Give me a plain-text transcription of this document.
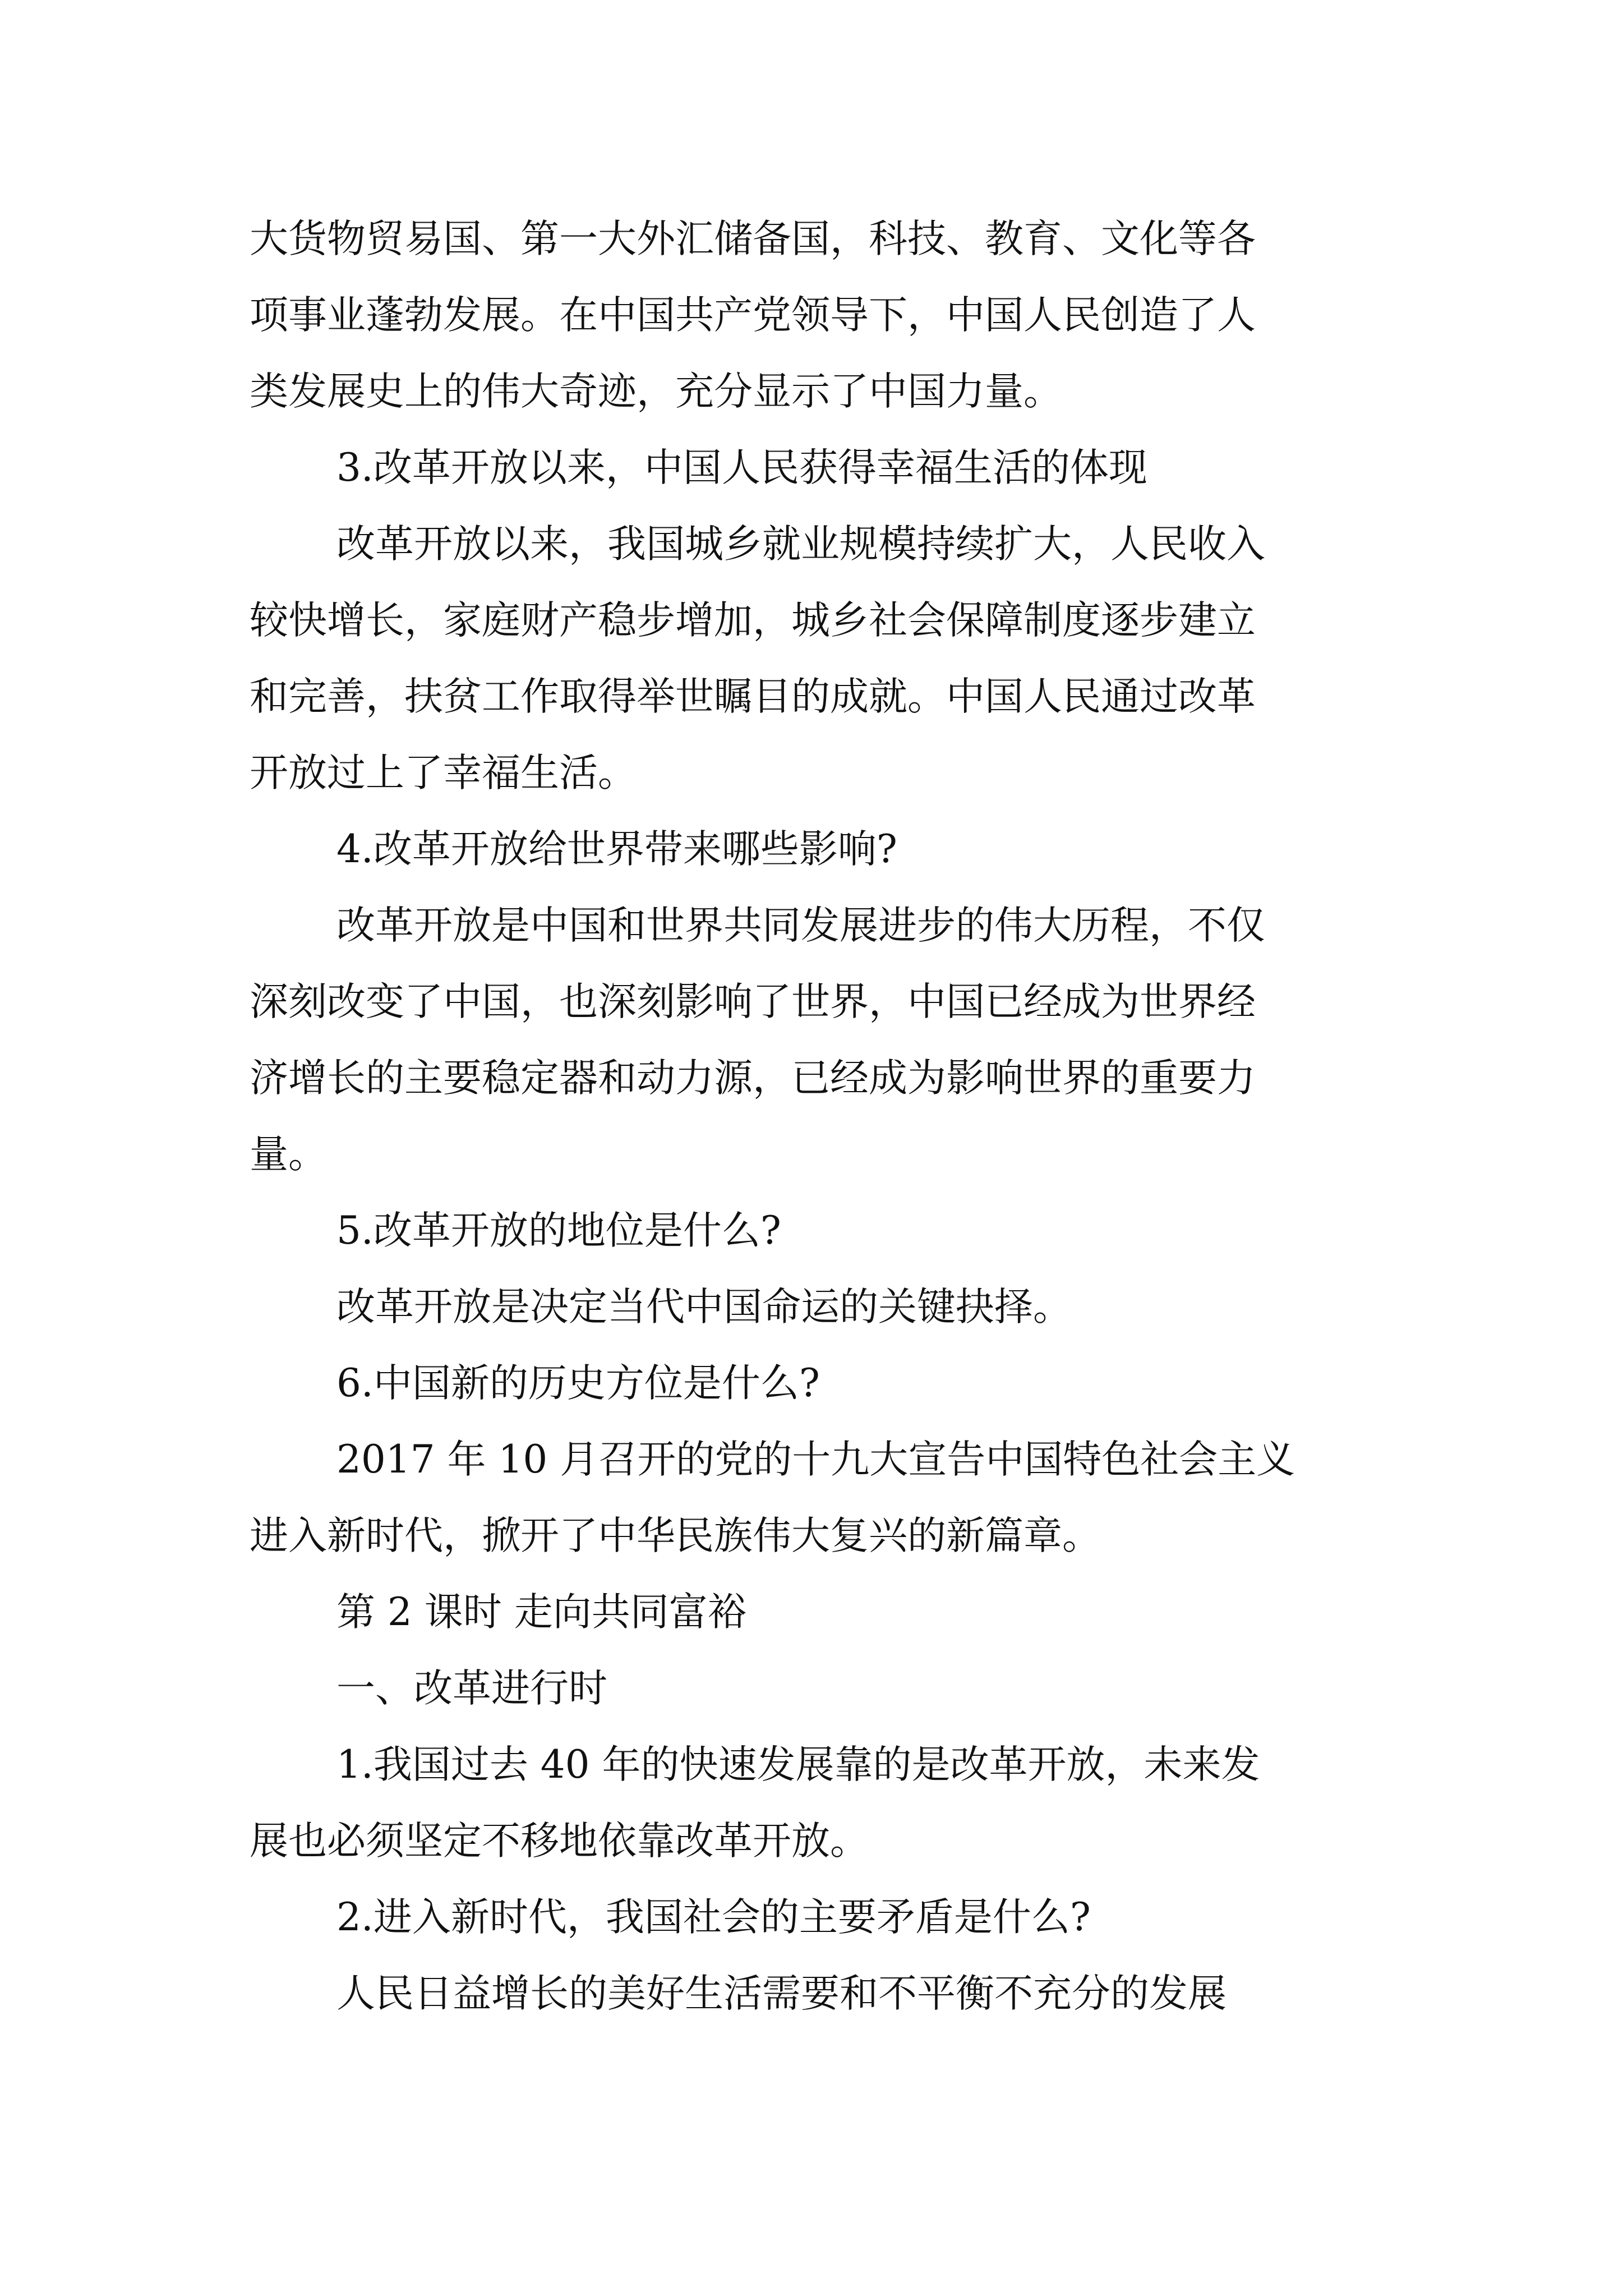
大货物贸易国、第一大外汇储备国，科技、教育、文化等各
项事业蓬勃发展。在中国共产党领导下，中国人民创造了人
类发展史上的伟大奇迹，充分显示了中国力量。
3.改革开放以来，中国人民获得幸福生活的体现
改革开放以来，我国城乡就业规模持续扩大，人民收入
较快增长，家庭财产稳步增加，城乡社会保障制度逐步建立
和完善，扶贫工作取得举世瞩目的成就。中国人民通过改革
开放过上了幸福生活。
4.改革开放给世界带来哪些影响?
改革开放是中国和世界共同发展进步的伟大历程，不仅
深刻改变了中国，也深刻影响了世界，中国已经成为世界经
济增长的主要稳定器和动力源，已经成为影响世界的重要力
量。
5.改革开放的地位是什么?
改革开放是决定当代中国命运的关键抉择。
6.中国新的历史方位是什么?
2017 年 10 月召开的党的十九大宣告中国特色社会主义
进入新时代，掀开了中华民族伟大复兴的新篇章。
第 2 课时 走向共同富裕
一、改革进行时
1.我国过去 40 年的快速发展靠的是改革开放，未来发
展也必须坚定不移地依靠改革开放。
2.进入新时代，我国社会的主要矛盾是什么?
人民日益增长的美好生活需要和不平衡不充分的发展
